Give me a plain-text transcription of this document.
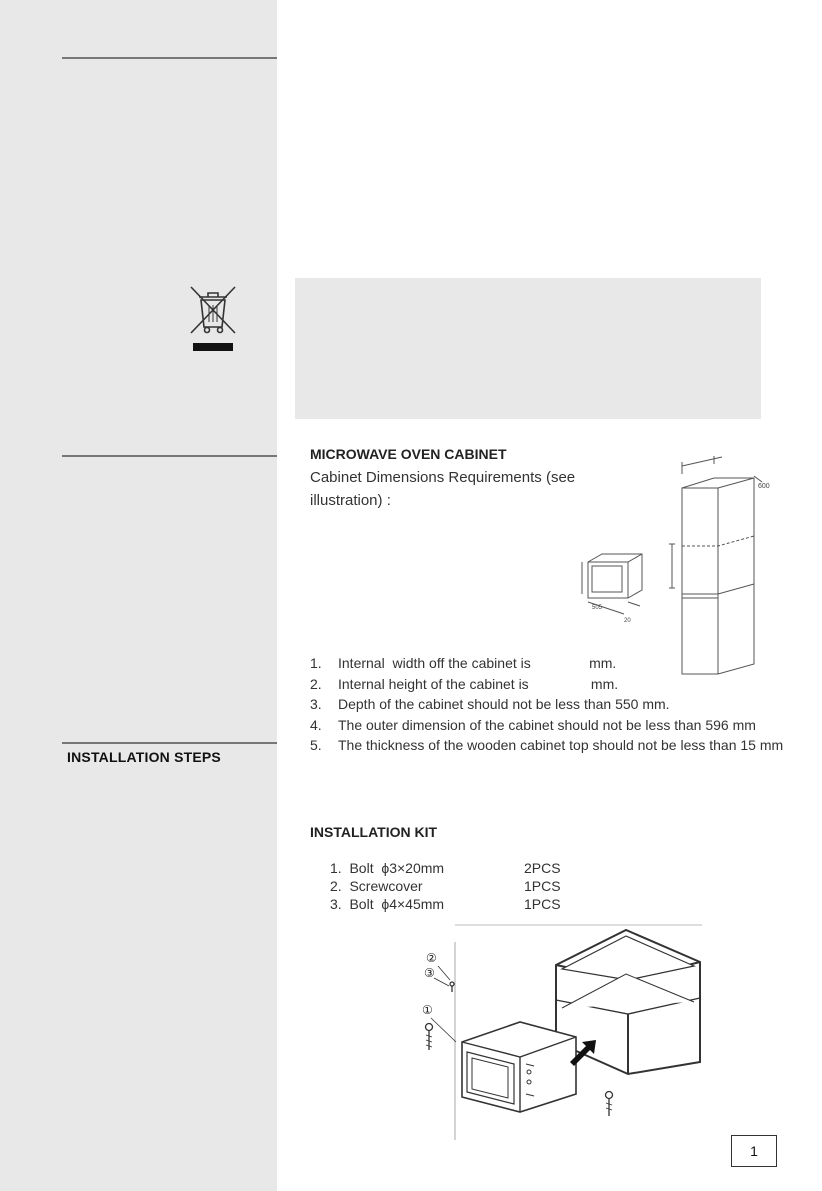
INSTALLATION STEPS
MICROWAVE OVEN CABINET
Cabinet Dimensions Requirements (see
illustration) :
600
505
20
1. Internal  width off the cabinet is               mm.
2. Internal height of the cabinet is                mm.
3. Depth of the cabinet should not be less than 550 mm.
4. The outer dimension of the cabinet should not be less than 596 mm
5. The thickness of the wooden cabinet top should not be less than 15 mm
INSTALLATION KIT
1.  Bolt  ϕ3×20mm	2PCS
2.  Screwcover	1PCS
3.  Bolt  ϕ4×45mm	1PCS
②
③
①
1
